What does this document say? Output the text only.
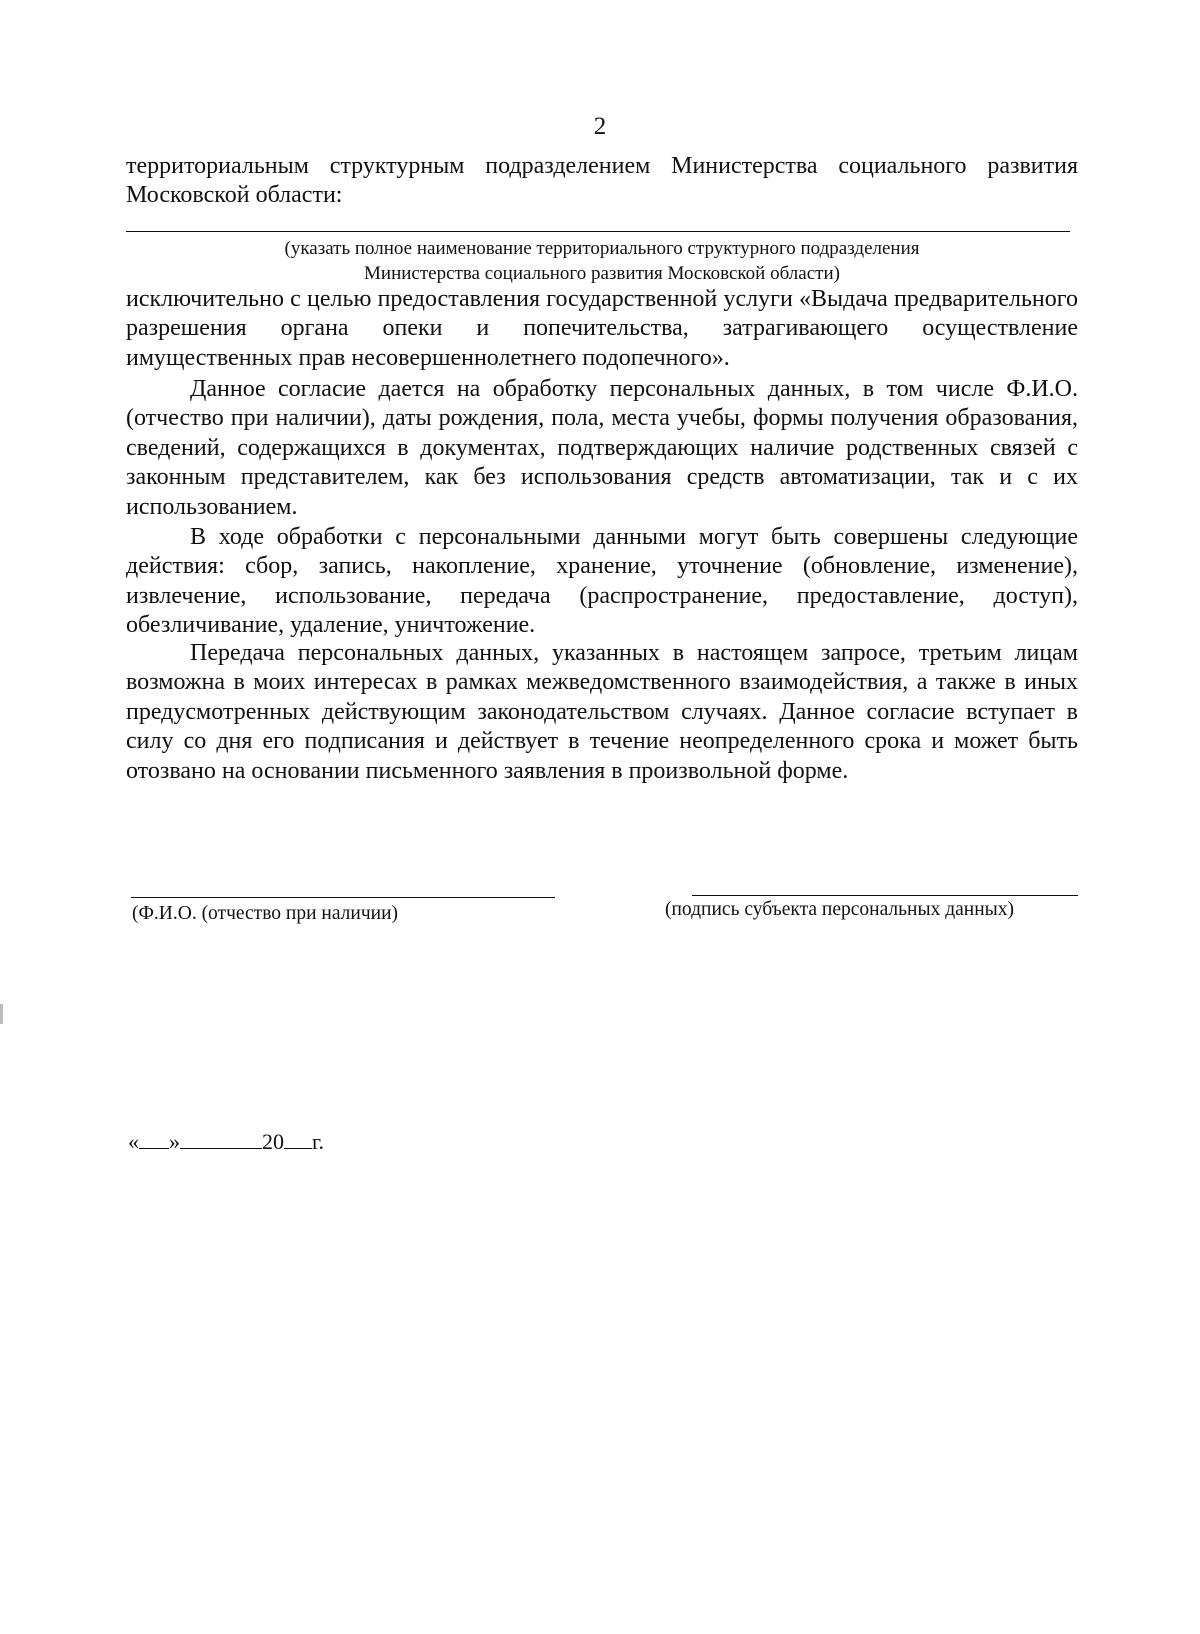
2

территориальным структурным подразделением Министерства социального развития Московской области:

(указать полное наименование территориального структурного подразделения
Министерства социального развития Московской области)

исключительно с целью предоставления государственной услуги «Выдача предварительного разрешения органа опеки и попечительства, затрагивающего осуществление имущественных прав несовершеннолетнего подопечного».

Данное согласие дается на обработку персональных данных, в том числе Ф.И.О. (отчество при наличии), даты рождения, пола, места учебы, формы получения образования, сведений, содержащихся в документах, подтверждающих наличие родственных связей с законным представителем, как без использования средств автоматизации, так и с их использованием.

В ходе обработки с персональными данными могут быть совершены следующие действия: сбор, запись, накопление, хранение, уточнение (обновление, изменение), извлечение, использование, передача (распространение, предоставление, доступ), обезличивание, удаление, уничтожение.

Передача персональных данных, указанных в настоящем запросе, третьим лицам возможна в моих интересах в рамках межведомственного взаимодействия, а также в иных предусмотренных действующим законодательством случаях. Данное согласие вступает в силу со дня его подписания и действует в течение неопределенного срока и может быть отозвано на основании письменного заявления в произвольной форме.

(Ф.И.О. (отчество при наличии)	(подпись субъекта персональных данных)
« »	20 г.
